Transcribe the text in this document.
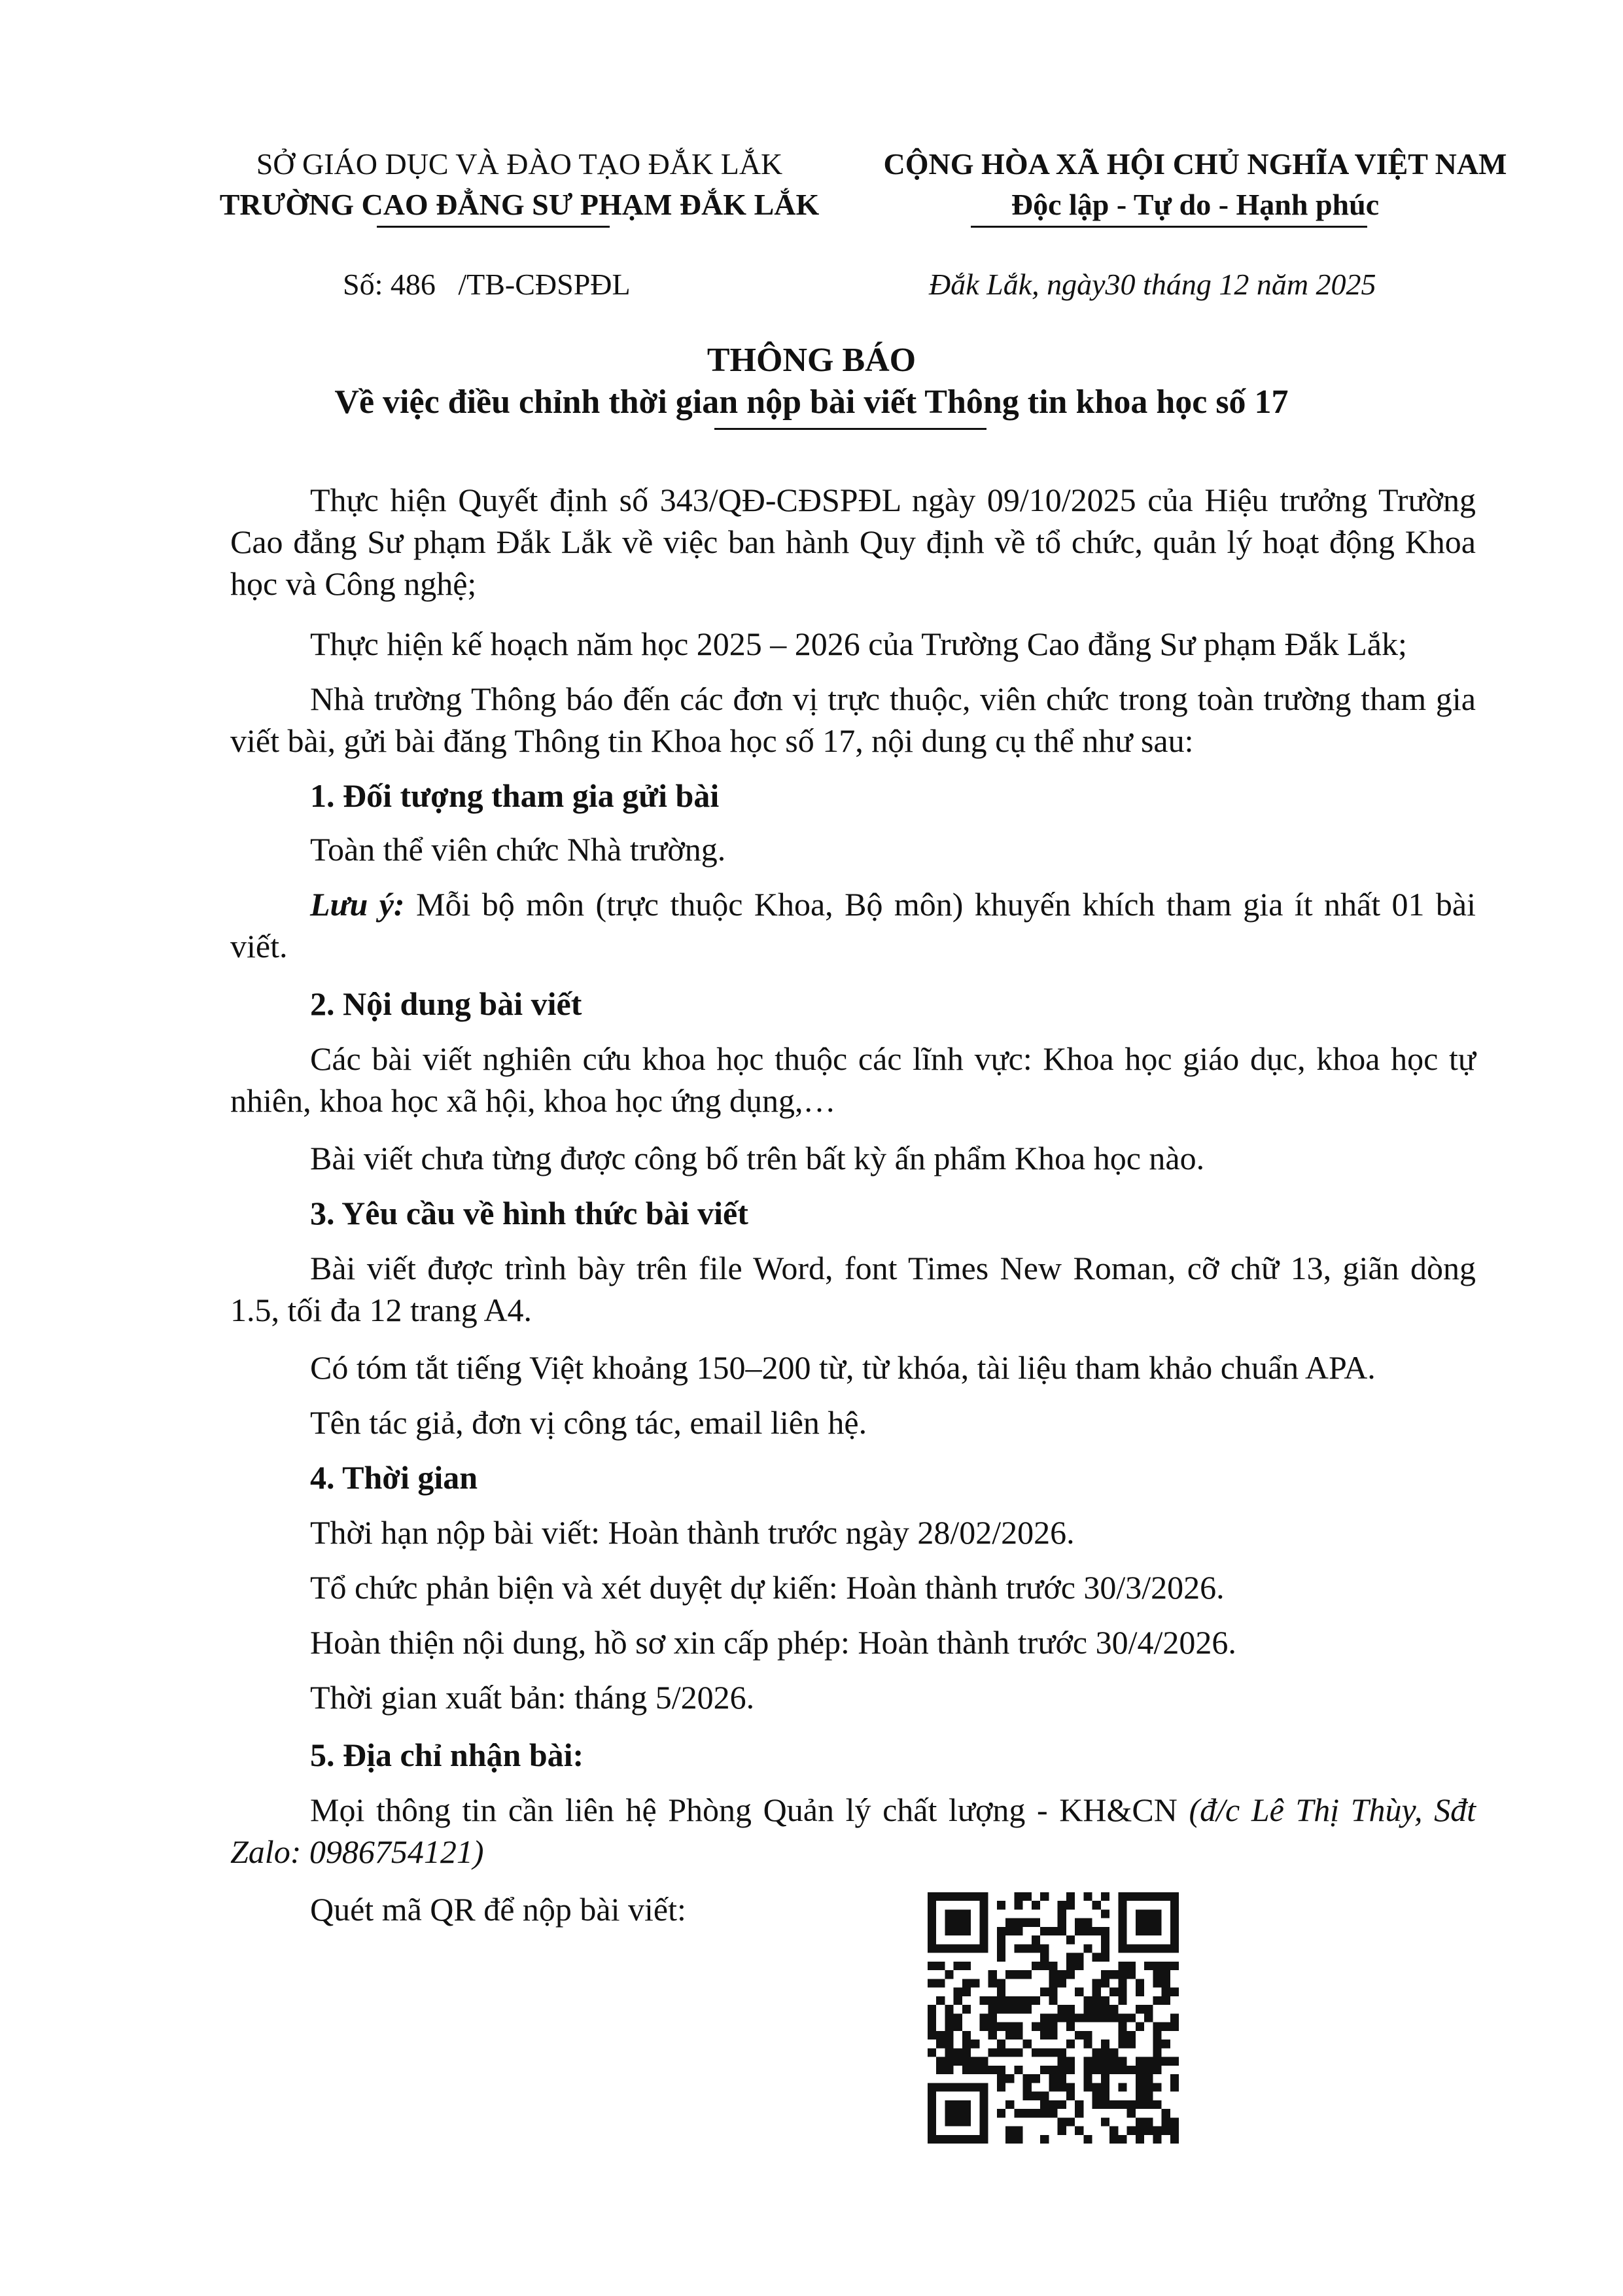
SỞ GIÁO DỤC VÀ ĐÀO TẠO ĐẮK LẮK
TRƯỜNG CAO ĐẲNG SƯ PHẠM ĐẮK LẮK
CỘNG HÒA XÃ HỘI CHỦ NGHĨA VIỆT NAM
Độc lập - Tự do - Hạnh phúc
Số: 486   /TB-CĐSPĐL	Đắk Lắk, ngày30 tháng 12 năm 2025
THÔNG BÁO
Về việc điều chỉnh thời gian nộp bài viết Thông tin khoa học số 17
Thực hiện Quyết định số 343/QĐ-CĐSPĐL ngày 09/10/2025 của Hiệu trưởng Trường Cao đẳng Sư phạm Đắk Lắk về việc ban hành Quy định về tổ chức, quản lý hoạt động Khoa học và Công nghệ;
Thực hiện kế hoạch năm học 2025 – 2026 của Trường Cao đẳng Sư phạm Đắk Lắk;
Nhà trường Thông báo đến các đơn vị trực thuộc, viên chức trong toàn trường tham gia viết bài, gửi bài đăng Thông tin Khoa học số 17, nội dung cụ thể như sau:
1. Đối tượng tham gia gửi bài
Toàn thể viên chức Nhà trường.
Lưu ý: Mỗi bộ môn (trực thuộc Khoa, Bộ môn) khuyến khích tham gia ít nhất 01 bài viết.
2. Nội dung bài viết
Các bài viết nghiên cứu khoa học thuộc các lĩnh vực: Khoa học giáo dục, khoa học tự nhiên, khoa học xã hội, khoa học ứng dụng,…
Bài viết chưa từng được công bố trên bất kỳ ấn phẩm Khoa học nào.
3. Yêu cầu về hình thức bài viết
Bài viết được trình bày trên file Word, font Times New Roman, cỡ chữ 13, giãn dòng 1.5, tối đa 12 trang A4.
Có tóm tắt tiếng Việt khoảng 150–200 từ, từ khóa, tài liệu tham khảo chuẩn APA.
Tên tác giả, đơn vị công tác, email liên hệ.
4. Thời gian
Thời hạn nộp bài viết: Hoàn thành trước ngày 28/02/2026.
Tổ chức phản biện và xét duyệt dự kiến: Hoàn thành trước 30/3/2026.
Hoàn thiện nội dung, hồ sơ xin cấp phép: Hoàn thành trước 30/4/2026.
Thời gian xuất bản: tháng 5/2026.
5. Địa chỉ nhận bài:
Mọi thông tin cần liên hệ Phòng Quản lý chất lượng - KH&CN (đ/c Lê Thị Thùy, Sđt Zalo: 0986754121)
Quét mã QR để nộp bài viết:
